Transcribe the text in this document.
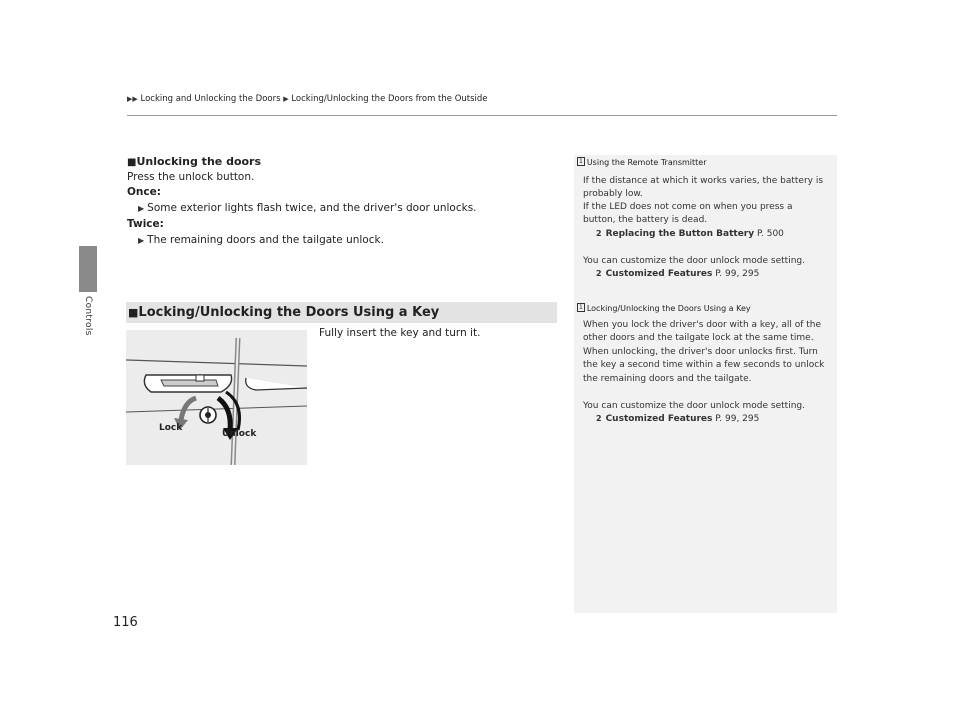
▶▶ Locking and Unlocking the Doors ▶ Locking/Unlocking the Doors from the Outside
Controls
■Unlocking the doors
Press the unlock button.
Once:
▶ Some exterior lights flash twice, and the driver's door unlocks.
Twice:
▶ The remaining doors and the tailgate unlock.
■Locking/Unlocking the Doors Using a Key
Fully insert the key and turn it.
Lock
Unlock
$^1$ Using the Remote Transmitter
If the distance at which it works varies, the battery is
probably low.
If the LED does not come on when you press a
button, the battery is dead.
2 Replacing the Button Battery P. 500
You can customize the door unlock mode setting.
2 Customized Features P. 99, 295
$^1$ Locking/Unlocking the Doors Using a Key
When you lock the driver's door with a key, all of the
other doors and the tailgate lock at the same time.
When unlocking, the driver's door unlocks first. Turn
the key a second time within a few seconds to unlock
the remaining doors and the tailgate.
You can customize the door unlock mode setting.
2 Customized Features P. 99, 295
116
